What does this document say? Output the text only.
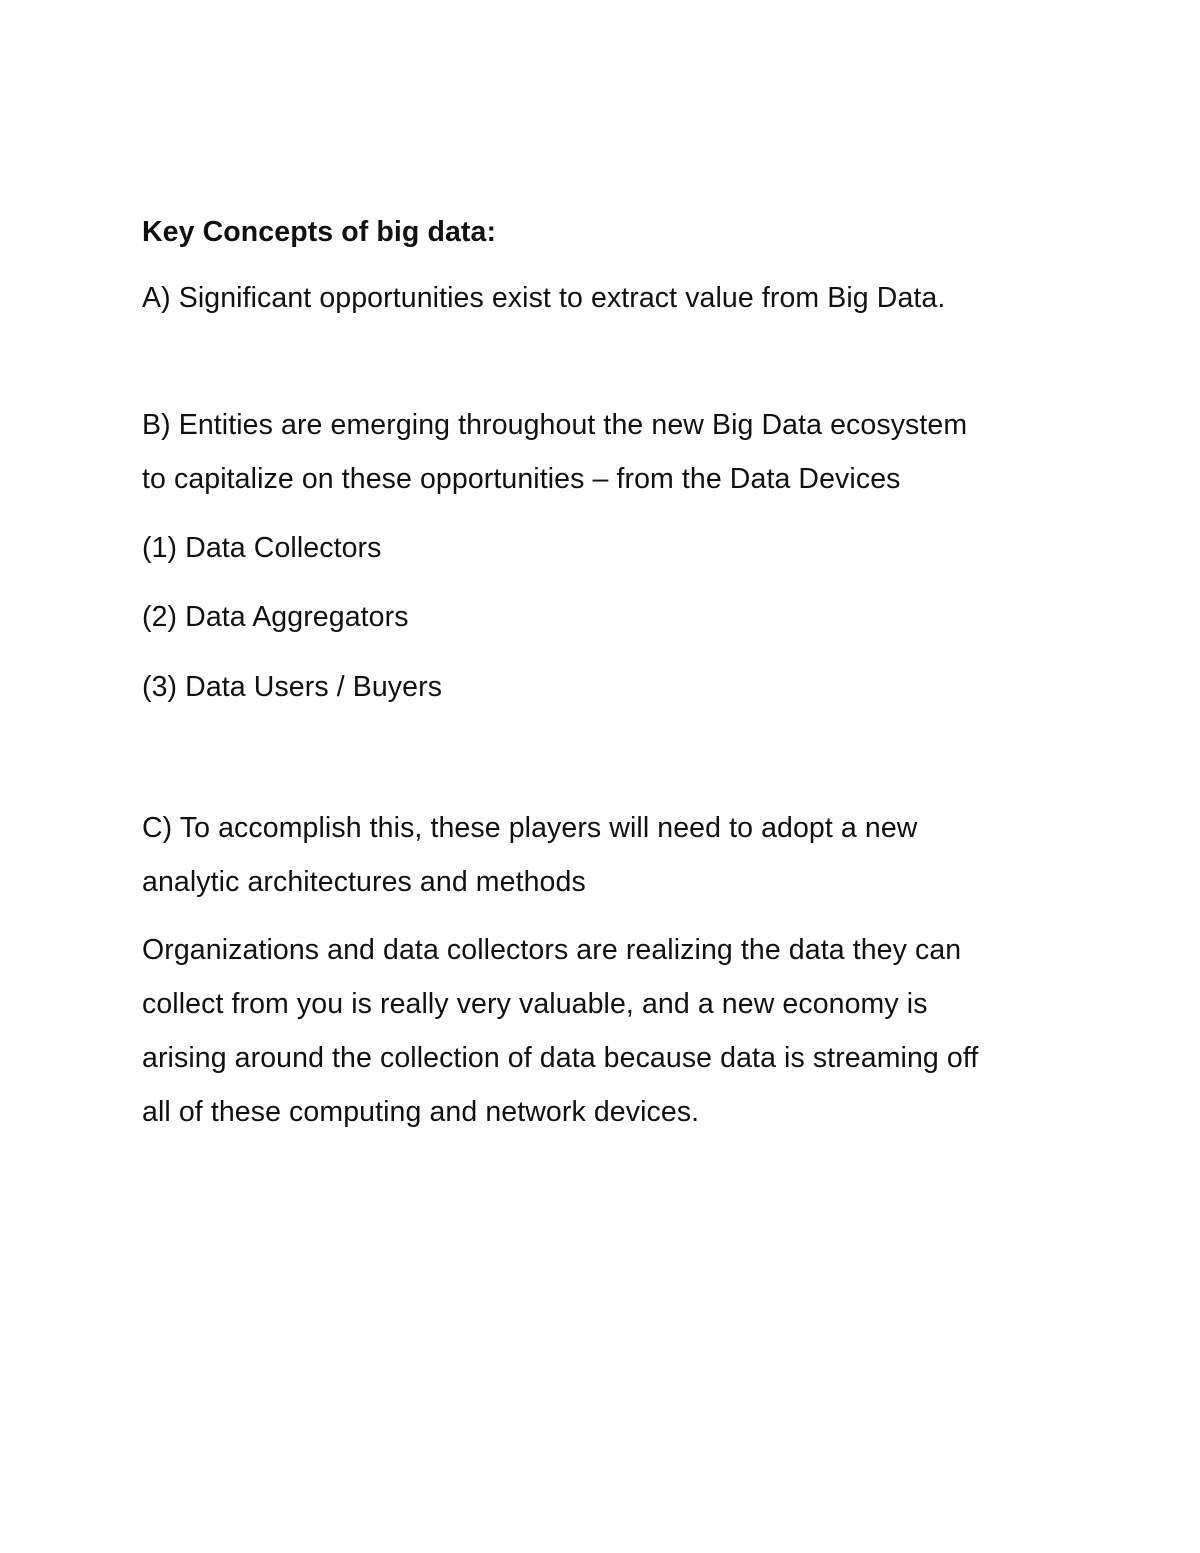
Key Concepts of big data:
A) Significant opportunities exist to extract value from Big Data.
B) Entities are emerging throughout the new Big Data ecosystem
to capitalize on these opportunities – from the Data Devices
(1) Data Collectors
(2) Data Aggregators
(3) Data Users / Buyers
C) To accomplish this, these players will need to adopt a new
analytic architectures and methods
Organizations and data collectors are realizing the data they can
collect from you is really very valuable, and a new economy is
arising around the collection of data because data is streaming off
all of these computing and network devices.
